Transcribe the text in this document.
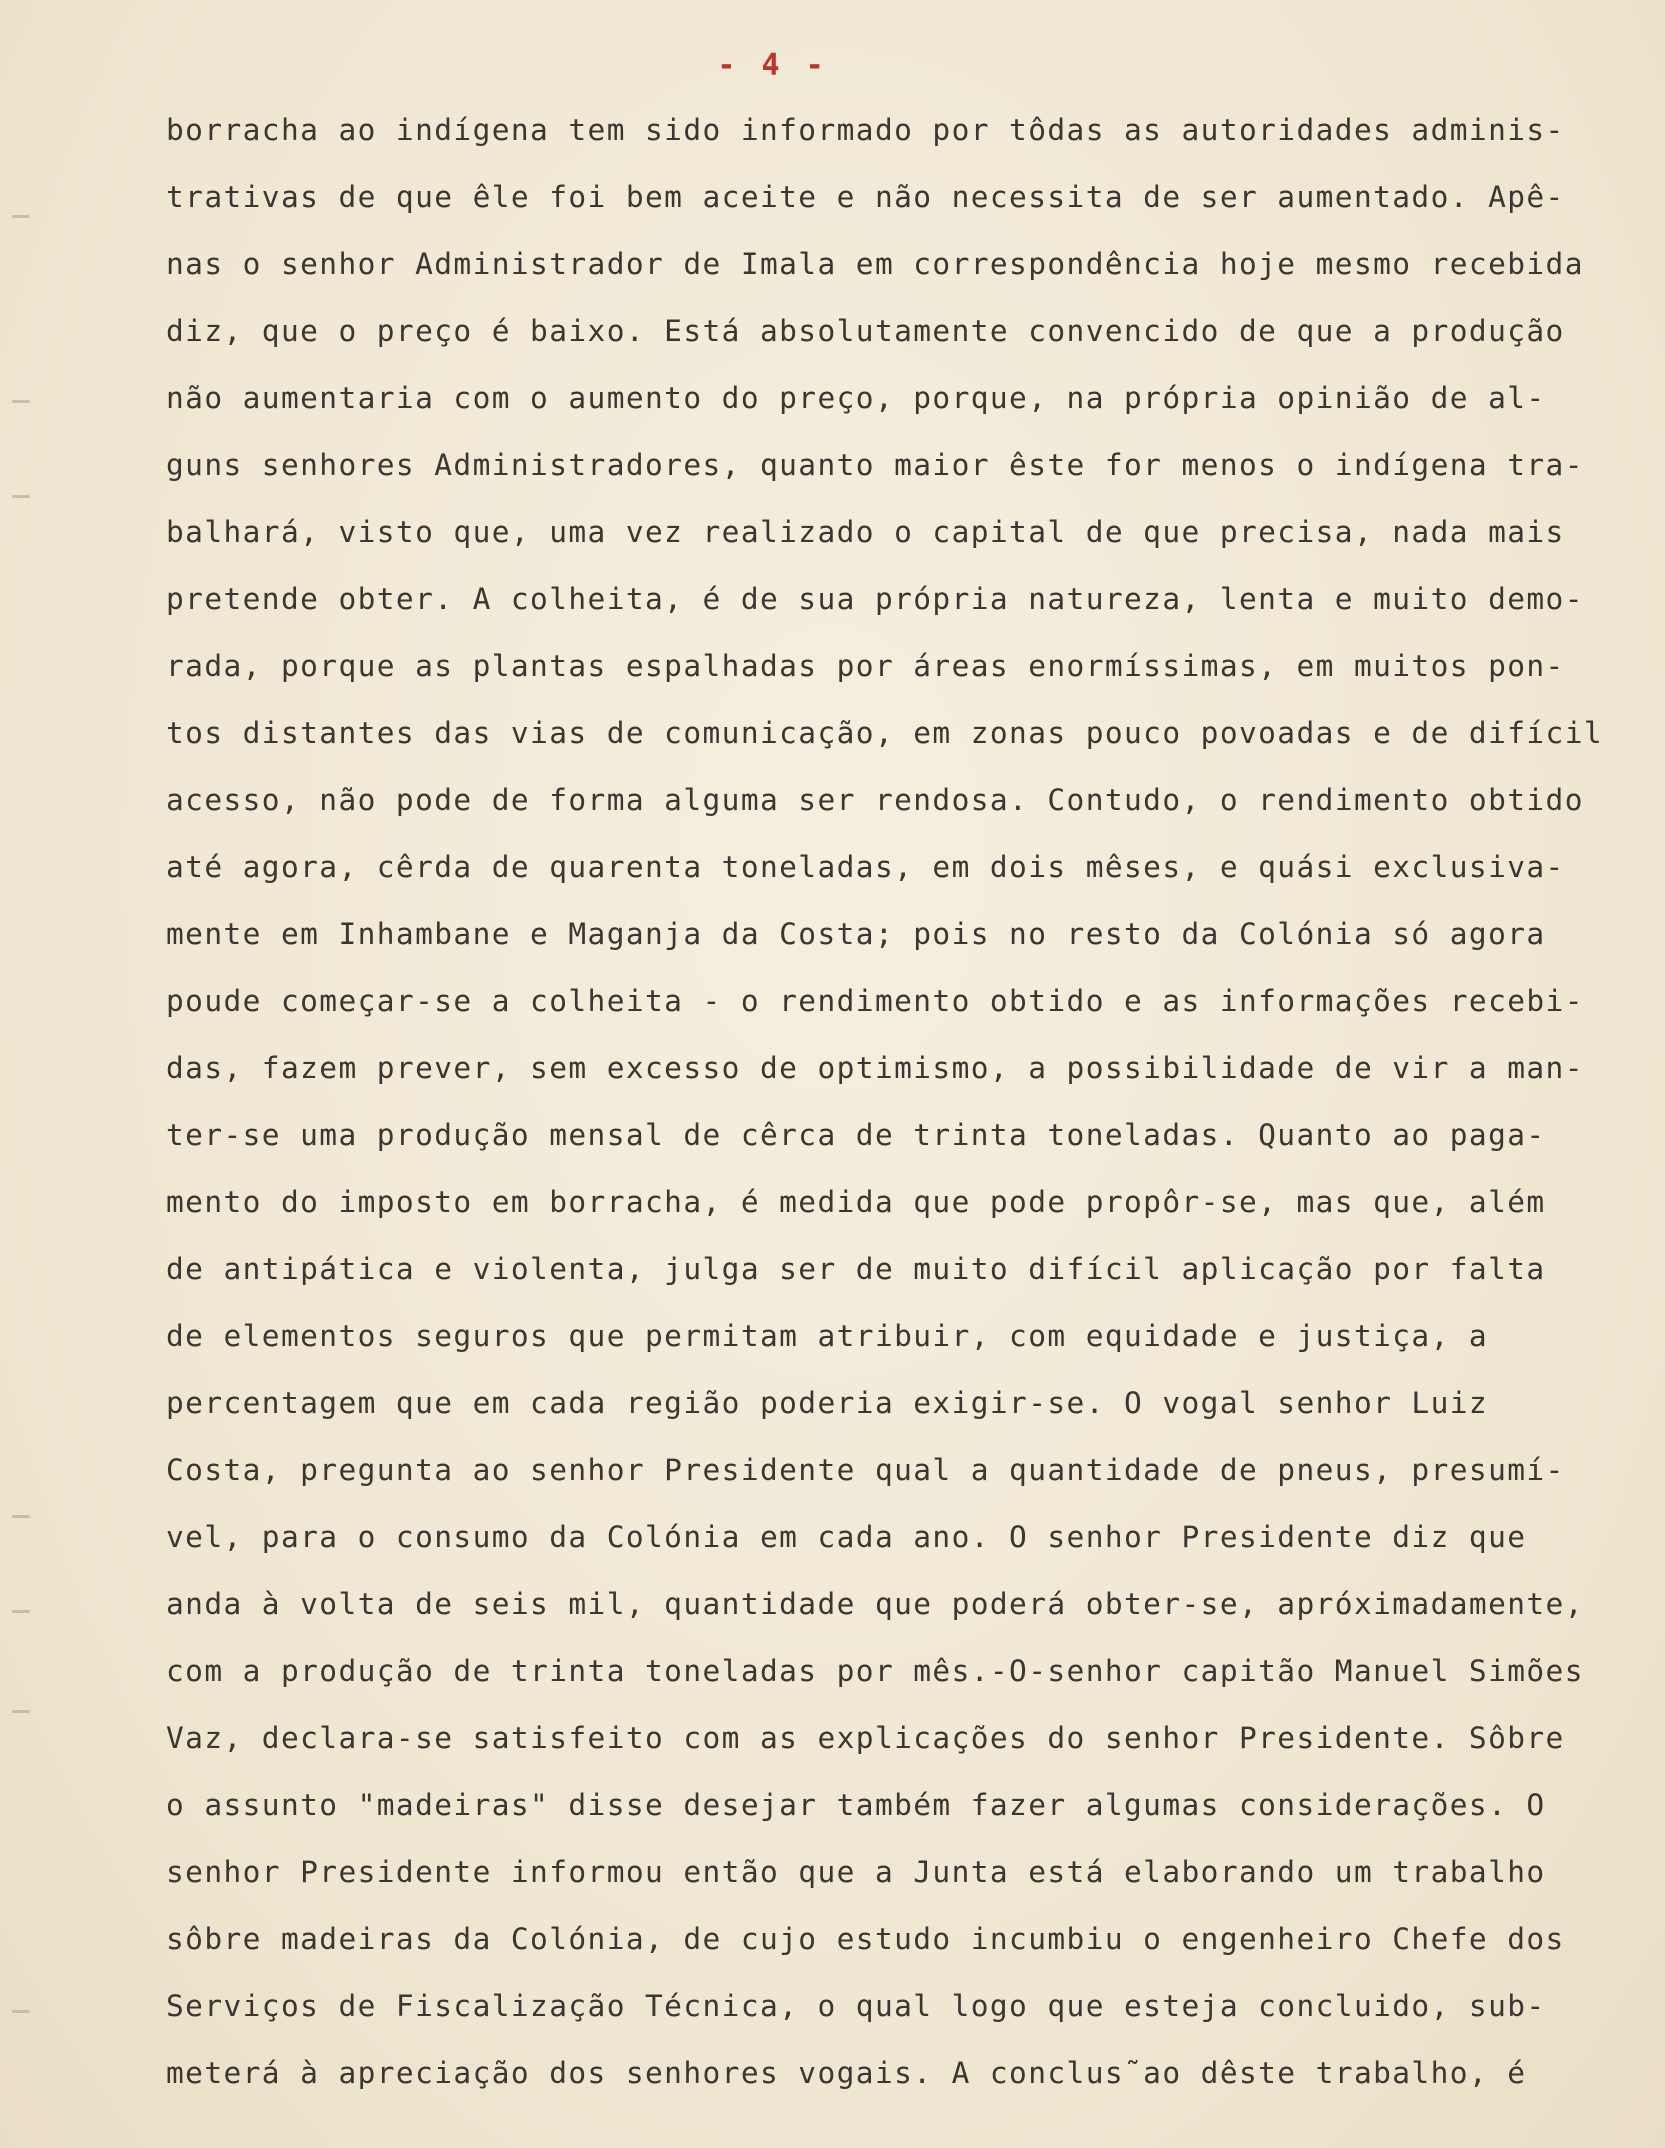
- 4 -
borracha ao indígena tem sido informado por tôdas as autoridades adminis-
trativas de que êle foi bem aceite e não necessita de ser aumentado. Apê-
nas o senhor Administrador de Imala em correspondência hoje mesmo recebida
diz, que o preço é baixo. Está absolutamente convencido de que a produção
não aumentaria com o aumento do preço, porque, na própria opinião de al-
guns senhores Administradores, quanto maior êste for menos o indígena tra-
balhará, visto que, uma vez realizado o capital de que precisa, nada mais
pretende obter. A colheita, é de sua própria natureza, lenta e muito demo-
rada, porque as plantas espalhadas por áreas enormíssimas, em muitos pon-
tos distantes das vias de comunicação, em zonas pouco povoadas e de difícil
acesso, não pode de forma alguma ser rendosa. Contudo, o rendimento obtido
até agora, cêrda de quarenta toneladas, em dois mêses, e quási exclusiva-
mente em Inhambane e Maganja da Costa; pois no resto da Colónia só agora
poude começar-se a colheita - o rendimento obtido e as informações recebi-
das, fazem prever, sem excesso de optimismo, a possibilidade de vir a man-
ter-se uma produção mensal de cêrca de trinta toneladas. Quanto ao paga-
mento do imposto em borracha, é medida que pode propôr-se, mas que, além
de antipática e violenta, julga ser de muito difícil aplicação por falta
de elementos seguros que permitam atribuir, com equidade e justiça, a
percentagem que em cada região poderia exigir-se. O vogal senhor Luiz
Costa, pregunta ao senhor Presidente qual a quantidade de pneus, presumí-
vel, para o consumo da Colónia em cada ano. O senhor Presidente diz que
anda à volta de seis mil, quantidade que poderá obter-se, apróximadamente,
com a produção de trinta toneladas por mês.-O-senhor capitão Manuel Simões
Vaz, declara-se satisfeito com as explicações do senhor Presidente. Sôbre
o assunto "madeiras" disse desejar também fazer algumas considerações. O
senhor Presidente informou então que a Junta está elaborando um trabalho
sôbre madeiras da Colónia, de cujo estudo incumbiu o engenheiro Chefe dos
Serviços de Fiscalização Técnica, o qual logo que esteja concluido, sub-
meterá à apreciação dos senhores vogais. A conclus˜ao dêste trabalho, é
